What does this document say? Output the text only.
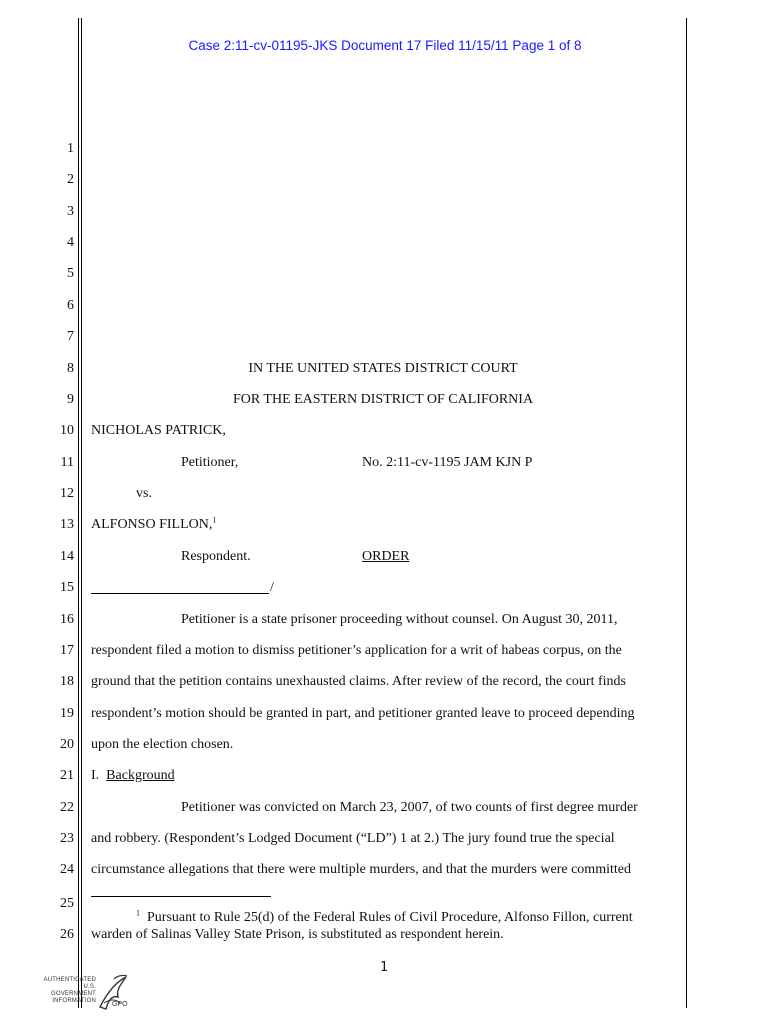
Case 2:11-cv-01195-JKS Document 17 Filed 11/15/11 Page 1 of 8
1
2
3
4
5
6
7
8
9
10
11
12
13
14
15
16
17
18
19
20
21
22
23
24
25
26
IN THE UNITED STATES DISTRICT COURT
FOR THE EASTERN DISTRICT OF CALIFORNIA
NICHOLAS PATRICK,
Petitioner,	No. 2:11-cv-1195 JAM KJN P
vs.
ALFONSO FILLON,$^1$
Respondent.	ORDER
/
Petitioner is a state prisoner proceeding without counsel. On August 30, 2011,
respondent filed a motion to dismiss petitioner’s application for a writ of habeas corpus, on the
ground that the petition contains unexhausted claims. After review of the record, the court finds
respondent’s motion should be granted in part, and petitioner granted leave to proceed depending
upon the election chosen.
I. Background
Petitioner was convicted on March 23, 2007, of two counts of first degree murder
and robbery. (Respondent’s Lodged Document (“LD”) 1 at 2.) The jury found true the special
circumstance allegations that there were multiple murders, and that the murders were committed
$^1$ Pursuant to Rule 25(d) of the Federal Rules of Civil Procedure, Alfonso Fillon, current
warden of Salinas Valley State Prison, is substituted as respondent herein.
1
AUTHENTICATED
U.S. GOVERNMENT
INFORMATION GPO
